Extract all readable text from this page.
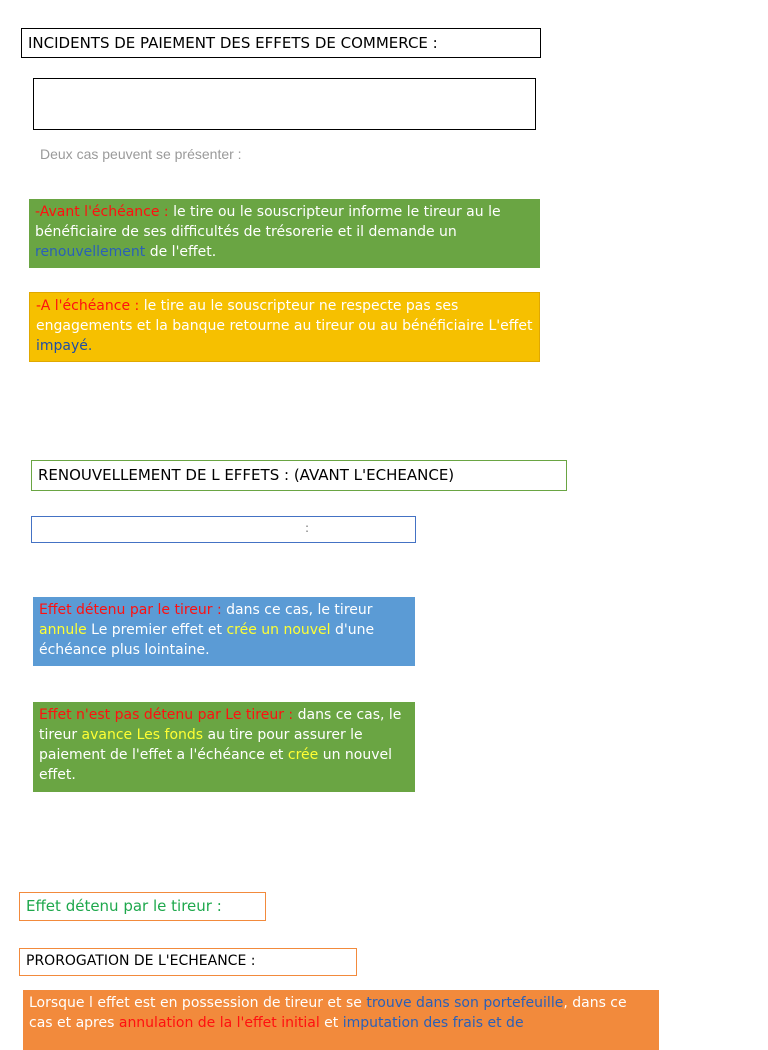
INCIDENTS DE PAIEMENT DES EFFETS DE COMMERCE :
Deux cas peuvent se présenter :
-Avant l'échéance : le tire ou le souscripteur informe le tireur au le bénéficiaire de ses difficultés de trésorerie et il demande un renouvellement de l'effet.
-A l'échéance : le tire au le souscripteur ne respecte pas ses engagements et la banque retourne au tireur ou au bénéficiaire L'effet impayé.
RENOUVELLEMENT DE L EFFETS : (AVANT L'ECHEANCE)
:
Effet détenu par le tireur : dans ce cas, le tireur annule Le premier effet et crée un nouvel d'une échéance plus lointaine.
Effet n'est pas détenu par Le tireur : dans ce cas, le tireur avance Les fonds au tire pour assurer le paiement de l'effet a l'échéance et crée un nouvel effet.
Effet détenu par le tireur :
PROROGATION DE L'ECHEANCE :
Lorsque l effet est en possession de tireur et se trouve dans son portefeuille, dans ce cas et apres annulation de la l'effet initial et imputation des frais et de
